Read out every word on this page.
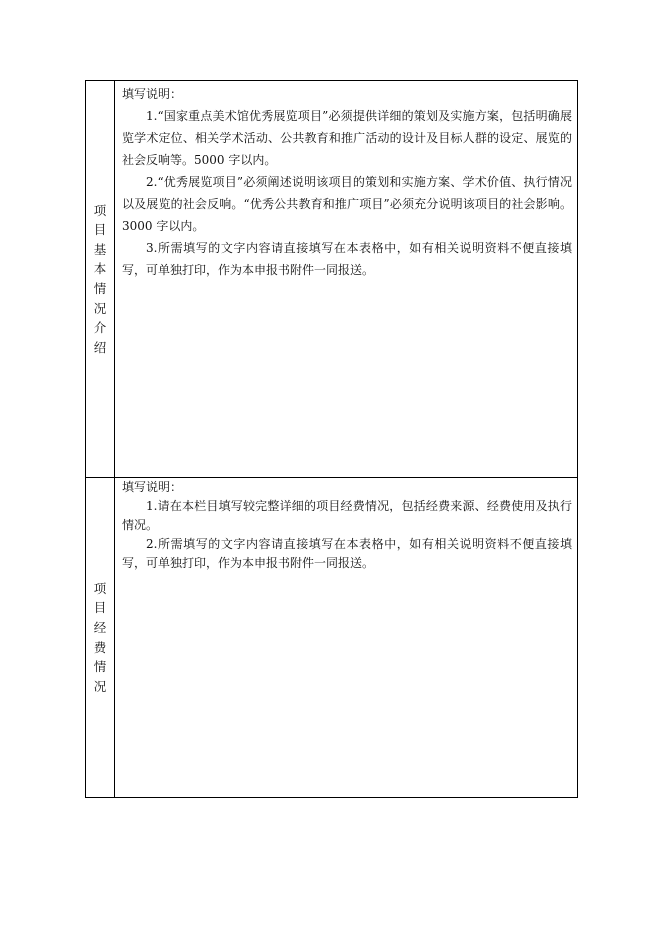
项目基本情况介绍	填写说明：

1.“国家重点美术馆优秀展览项目”必须提供详细的策划及实施方案，包括明确展览学术定位、相关学术活动、公共教育和推广活动的设计及目标人群的设定、展览的社会反响等。5000 字以内。

2.“优秀展览项目”必须阐述说明该项目的策划和实施方案、学术价值、执行情况以及展览的社会反响。“优秀公共教育和推广项目”必须充分说明该项目的社会影响。3000 字以内。

3.所需填写的文字内容请直接填写在本表格中，如有相关说明资料不便直接填写，可单独打印，作为本申报书附件一同报送。

项目经费情况	填写说明：

1.请在本栏目填写较完整详细的项目经费情况，包括经费来源、经费使用及执行情况。

2.所需填写的文字内容请直接填写在本表格中，如有相关说明资料不便直接填写，可单独打印，作为本申报书附件一同报送。
